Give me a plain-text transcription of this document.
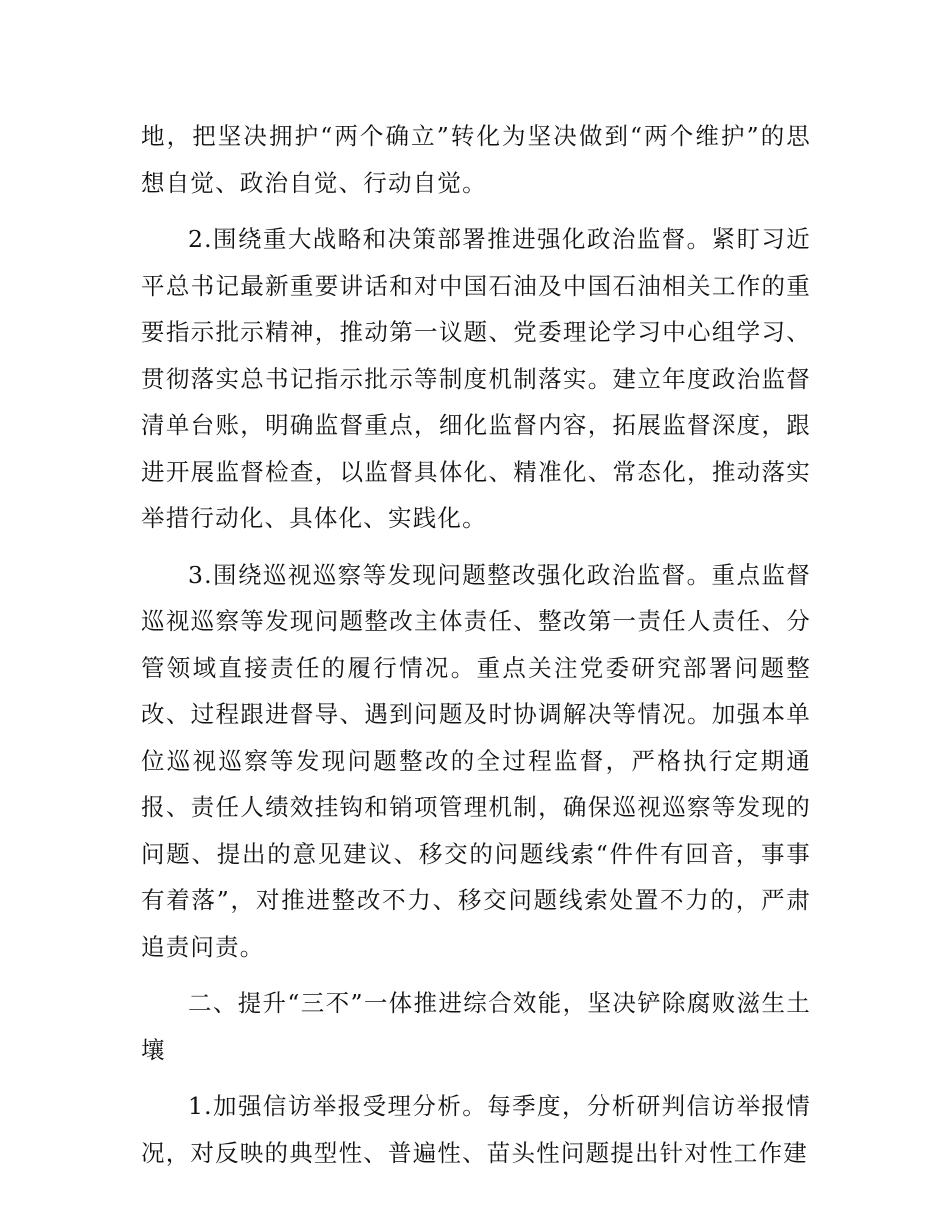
地，把坚决拥护“两个确立”转化为坚决做到“两个维护”的思想自觉、政治自觉、行动自觉。

2.围绕重大战略和决策部署推进强化政治监督。紧盯习近平总书记最新重要讲话和对中国石油及中国石油相关工作的重要指示批示精神，推动第一议题、党委理论学习中心组学习、贯彻落实总书记指示批示等制度机制落实。建立年度政治监督清单台账，明确监督重点，细化监督内容，拓展监督深度，跟进开展监督检查，以监督具体化、精准化、常态化，推动落实举措行动化、具体化、实践化。

3.围绕巡视巡察等发现问题整改强化政治监督。重点监督巡视巡察等发现问题整改主体责任、整改第一责任人责任、分管领域直接责任的履行情况。重点关注党委研究部署问题整改、过程跟进督导、遇到问题及时协调解决等情况。加强本单位巡视巡察等发现问题整改的全过程监督，严格执行定期通报、责任人绩效挂钩和销项管理机制，确保巡视巡察等发现的问题、提出的意见建议、移交的问题线索“件件有回音，事事有着落”，对推进整改不力、移交问题线索处置不力的，严肃追责问责。

二、提升“三不”一体推进综合效能，坚决铲除腐败滋生土壤

1.加强信访举报受理分析。每季度，分析研判信访举报情况，对反映的典型性、普遍性、苗头性问题提出针对性工作建
